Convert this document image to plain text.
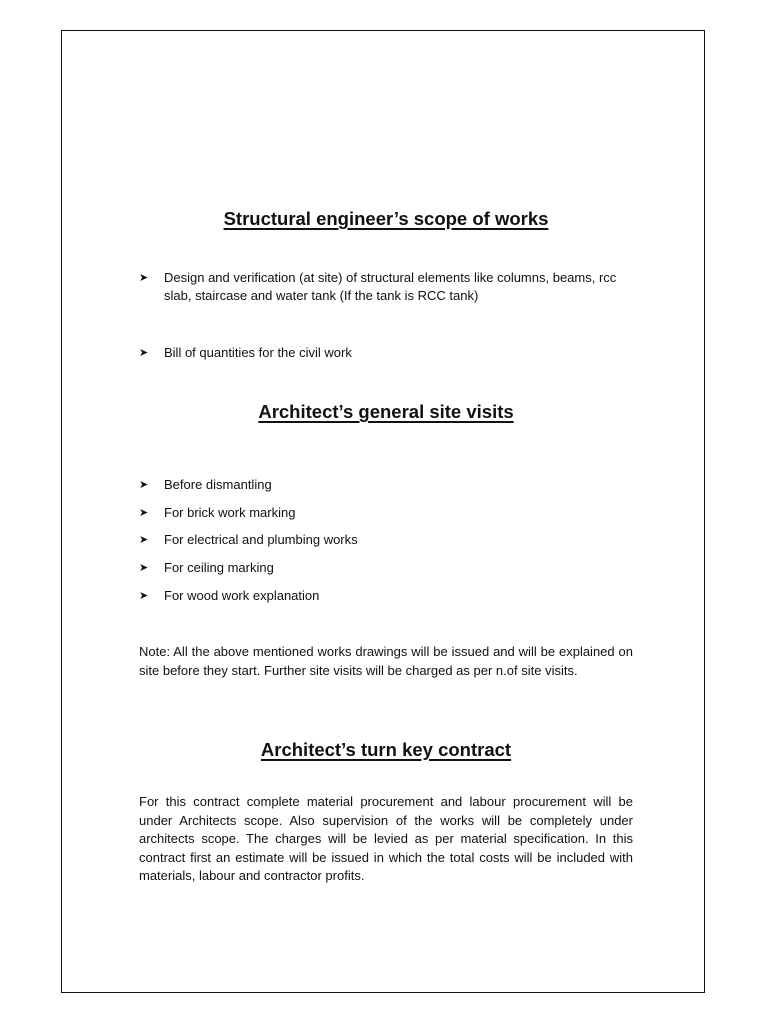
Structural engineer’s scope of works
➤	Design and verification (at site) of structural elements like columns, beams, rcc slab, staircase and water tank (If the tank is RCC tank)
➤	Bill of quantities for the civil work
Architect’s general site visits
➤	Before dismantling
➤	For brick work marking
➤	For electrical and plumbing works
➤	For ceiling marking
➤	For wood work explanation

Note: All the above mentioned works drawings will be issued and will be explained on site before they start. Further site visits will be charged as per n.of site visits.

Architect’s turn key contract

For this contract complete material procurement and labour procurement will be under Architects scope. Also supervision of the works will be completely under architects scope. The charges will be levied as per material specification. In this contract first an estimate will be issued in which the total costs will be included with materials, labour and contractor profits.
